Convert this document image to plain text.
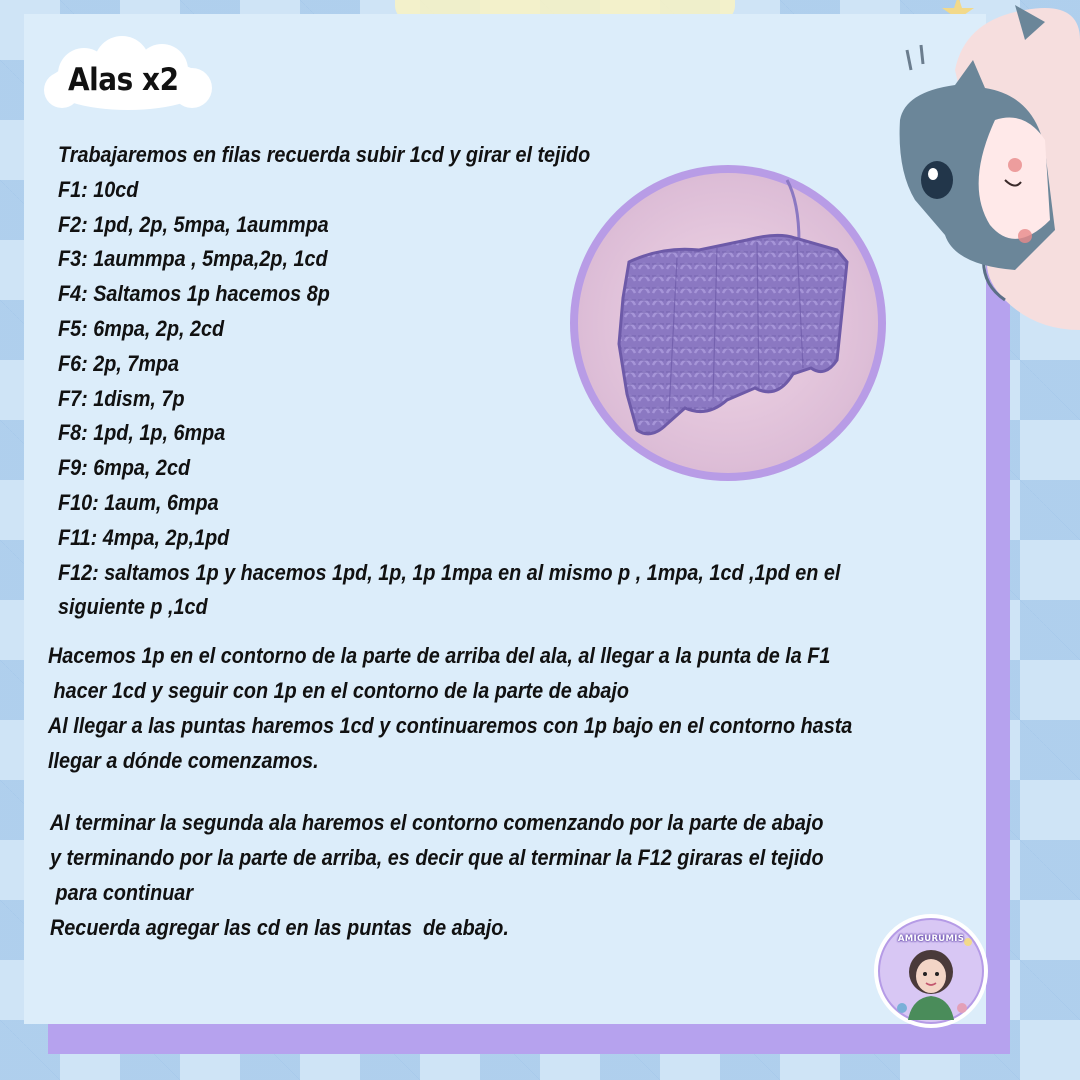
Alas x2
Trabajaremos en filas recuerda subir 1cd y girar el tejido
F1: 10cd
F2: 1pd, 2p, 5mpa, 1aummpa
F3: 1aummpa , 5mpa,2p, 1cd
F4: Saltamos 1p hacemos 8p
F5: 6mpa, 2p, 2cd
F6: 2p, 7mpa
F7: 1dism, 7p
F8: 1pd, 1p, 6mpa
F9: 6mpa, 2cd
F10: 1aum, 6mpa
F11: 4mpa, 2p,1pd
F12: saltamos 1p y hacemos 1pd, 1p, 1p 1mpa en al mismo p , 1mpa, 1cd ,1pd en el
siguiente p ,1cd

Hacemos 1p en el contorno de la parte de arriba del ala, al llegar a la punta de la F1
hacer 1cd y seguir con 1p en el contorno de la parte de abajo
Al llegar a las puntas haremos 1cd y continuaremos con 1p bajo en el contorno hasta
llegar a dónde comenzamos.

Al terminar la segunda ala haremos el contorno comenzando por la parte de abajo
y terminando por la parte de arriba, es decir que al terminar la F12 giraras el tejido
para continuar
Recuerda agregar las cd en las puntas  de abajo.	AMIGURUMIS
